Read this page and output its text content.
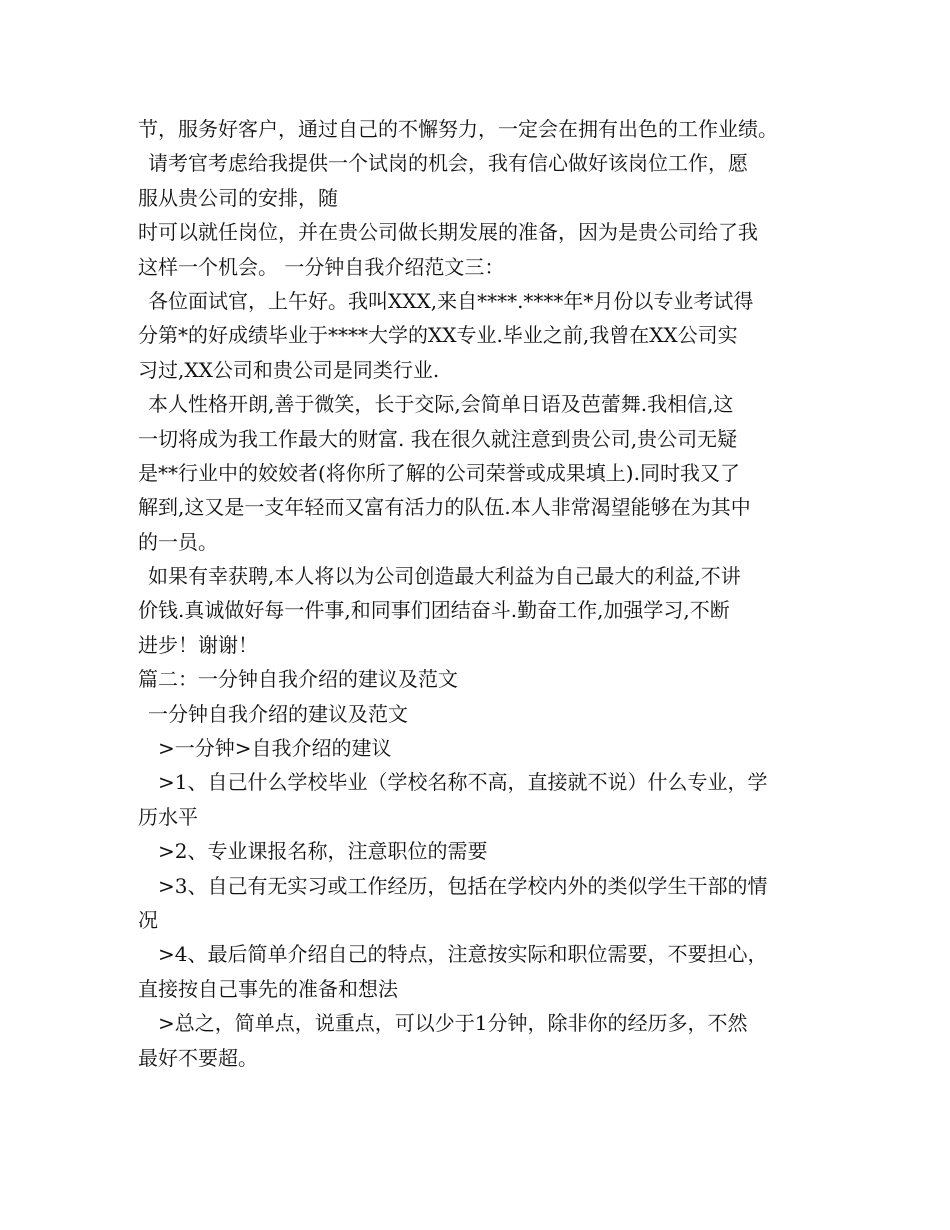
节，服务好客户，通过自己的不懈努力，一定会在拥有出色的工作业绩。
请考官考虑给我提供一个试岗的机会，我有信心做好该岗位工作，愿
服从贵公司的安排，随
时可以就任岗位，并在贵公司做长期发展的准备，因为是贵公司给了我
这样一个机会。 一分钟自我介绍范文三：
各位面试官，上午好。我叫XXX,来自****.****年*月份以专业考试得
分第*的好成绩毕业于****大学的XX专业.毕业之前,我曾在XX公司实
习过,XX公司和贵公司是同类行业.
本人性格开朗,善于微笑，长于交际,会简单日语及芭蕾舞.我相信,这
一切将成为我工作最大的财富. 我在很久就注意到贵公司,贵公司无疑
是**行业中的姣姣者(将你所了解的公司荣誉或成果填上).同时我又了
解到,这又是一支年轻而又富有活力的队伍.本人非常渴望能够在为其中
的一员。
如果有幸获聘,本人将以为公司创造最大利益为自己最大的利益,不讲
价钱.真诚做好每一件事,和同事们团结奋斗.勤奋工作,加强学习,不断
进步！谢谢！
篇二：一分钟自我介绍的建议及范文
一分钟自我介绍的建议及范文
>一分钟>自我介绍的建议
>1、自己什么学校毕业（学校名称不高，直接就不说）什么专业，学
历水平
>2、专业课报名称，注意职位的需要
>3、自己有无实习或工作经历，包括在学校内外的类似学生干部的情
况
>4、最后简单介绍自己的特点，注意按实际和职位需要，不要担心，
直接按自己事先的准备和想法
>总之，简单点，说重点，可以少于1分钟，除非你的经历多，不然
最好不要超。
